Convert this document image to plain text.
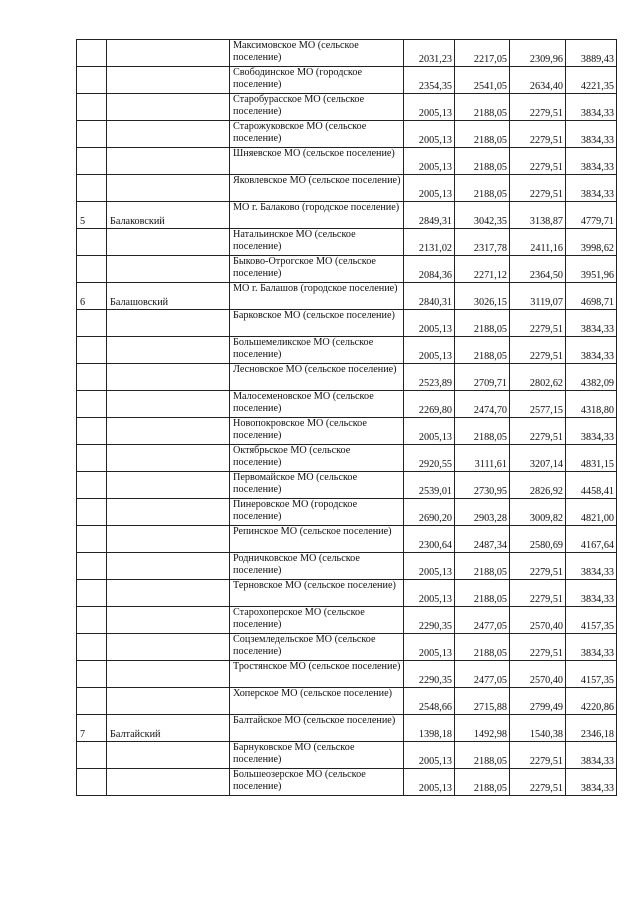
		Максимовское МО (сельское поселение)	2031,23	2217,05	2309,96	3889,43
		Свободинское МО (городское поселение)	2354,35	2541,05	2634,40	4221,35
		Старобурасское МО (сельское поселение)	2005,13	2188,05	2279,51	3834,33
		Старожуковское МО (сельское поселение)	2005,13	2188,05	2279,51	3834,33
		Шняевское МО (сельское поселение)	2005,13	2188,05	2279,51	3834,33
		Яковлевское МО (сельское поселение)	2005,13	2188,05	2279,51	3834,33
5	Балаковский	МО г. Балаково (городское поселение)	2849,31	3042,35	3138,87	4779,71
		Натальинское МО (сельское поселение)	2131,02	2317,78	2411,16	3998,62
		Быково-Отрогское МО (сельское поселение)	2084,36	2271,12	2364,50	3951,96
6	Балашовский	МО г. Балашов (городское поселение)	2840,31	3026,15	3119,07	4698,71
		Барковское МО (сельское поселение)	2005,13	2188,05	2279,51	3834,33
		Большемеликское МО (сельское поселение)	2005,13	2188,05	2279,51	3834,33
		Лесновское МО (сельское поселение)	2523,89	2709,71	2802,62	4382,09
		Малосеменовское МО (сельское поселение)	2269,80	2474,70	2577,15	4318,80
		Новопокровское МО (сельское поселение)	2005,13	2188,05	2279,51	3834,33
		Октябрьское МО (сельское поселение)	2920,55	3111,61	3207,14	4831,15
		Первомайское МО (сельское поселение)	2539,01	2730,95	2826,92	4458,41
		Пинеровское МО (городское поселение)	2690,20	2903,28	3009,82	4821,00
		Репинское МО (сельское поселение)	2300,64	2487,34	2580,69	4167,64
		Родничковское МО (сельское поселение)	2005,13	2188,05	2279,51	3834,33
		Терновское МО (сельское поселение)	2005,13	2188,05	2279,51	3834,33
		Старохоперское МО (сельское поселение)	2290,35	2477,05	2570,40	4157,35
		Соцземледельское МО (сельское поселение)	2005,13	2188,05	2279,51	3834,33
		Тростянское МО (сельское поселение)	2290,35	2477,05	2570,40	4157,35
		Хоперское МО (сельское поселение)	2548,66	2715,88	2799,49	4220,86
7	Балтайский	Балтайское МО (сельское поселение)	1398,18	1492,98	1540,38	2346,18
		Барнуковское МО (сельское поселение)	2005,13	2188,05	2279,51	3834,33
		Большеозерское МО (сельское поселение)	2005,13	2188,05	2279,51	3834,33
